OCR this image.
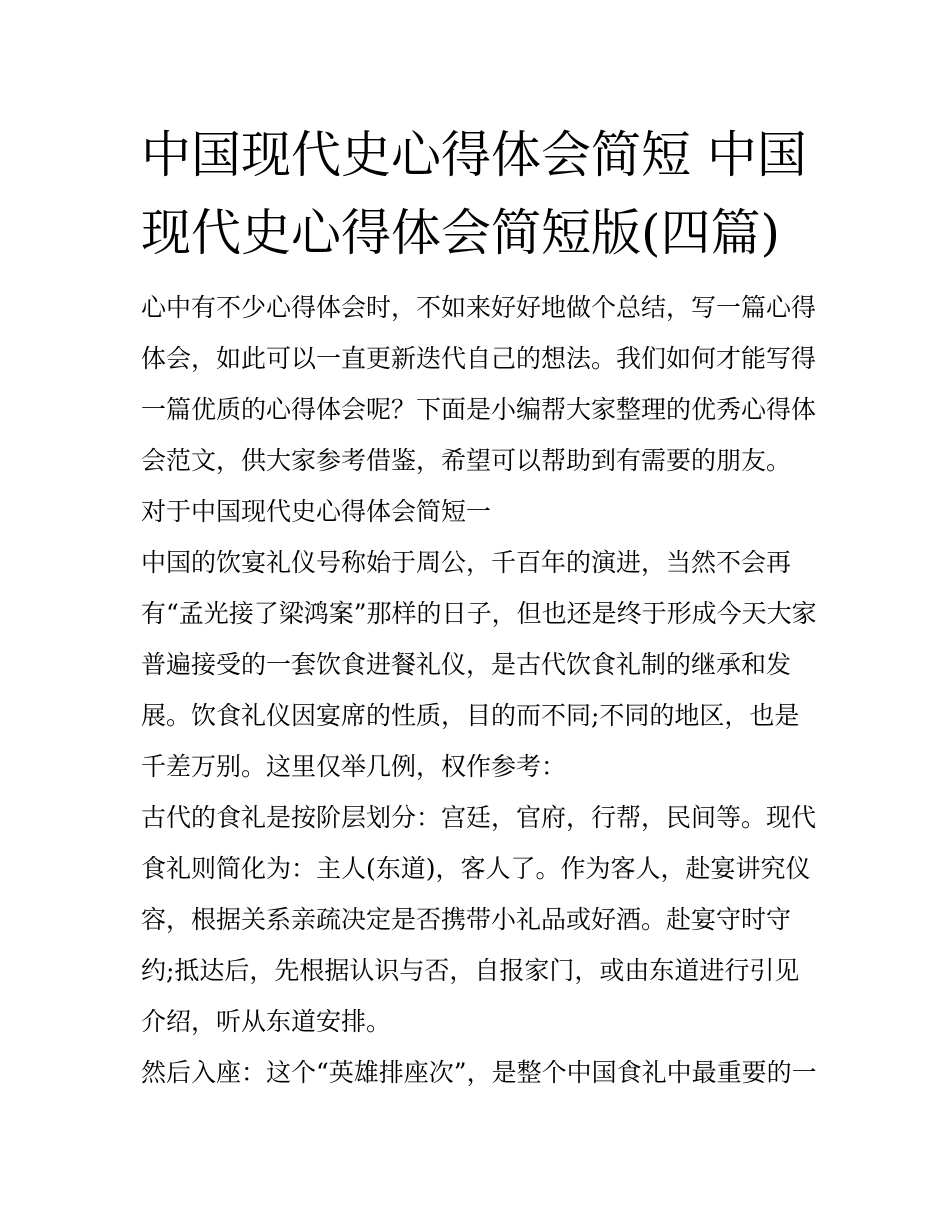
中国现代史心得体会简短 中国
现代史心得体会简短版(四篇)
心中有不少心得体会时，不如来好好地做个总结，写一篇心得
体会，如此可以一直更新迭代自己的想法。我们如何才能写得
一篇优质的心得体会呢？下面是小编帮大家整理的优秀心得体
会范文，供大家参考借鉴，希望可以帮助到有需要的朋友。
对于中国现代史心得体会简短一
中国的饮宴礼仪号称始于周公，千百年的演进，当然不会再
有“孟光接了梁鸿案”那样的日子，但也还是终于形成今天大家
普遍接受的一套饮食进餐礼仪，是古代饮食礼制的继承和发
展。饮食礼仪因宴席的性质，目的而不同;不同的地区，也是
千差万别。这里仅举几例，权作参考：
古代的食礼是按阶层划分：宫廷，官府，行帮，民间等。现代
食礼则简化为：主人(东道)，客人了。作为客人，赴宴讲究仪
容，根据关系亲疏决定是否携带小礼品或好酒。赴宴守时守
约;抵达后，先根据认识与否，自报家门，或由东道进行引见
介绍，听从东道安排。
然后入座：这个“英雄排座次”，是整个中国食礼中最重要的一
